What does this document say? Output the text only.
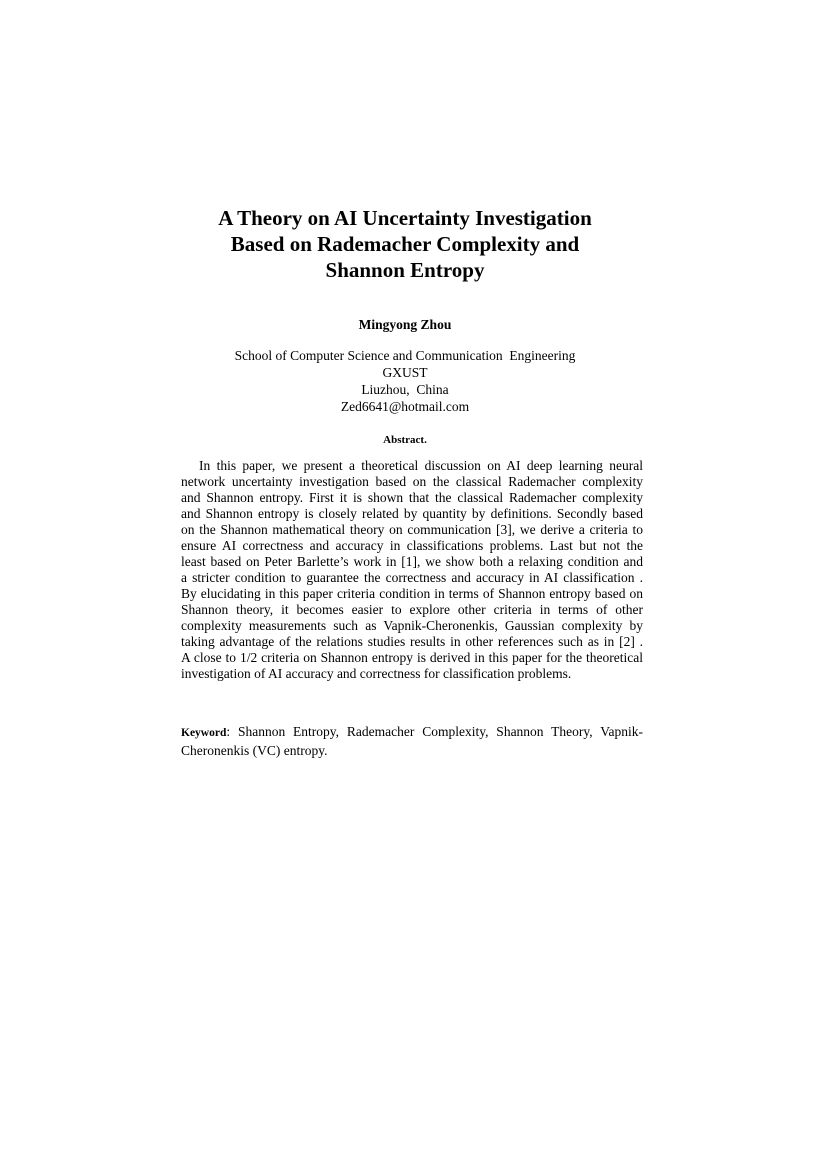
A Theory on AI Uncertainty Investigation
Based on Rademacher Complexity and
Shannon Entropy
Mingyong Zhou
School of Computer Science and Communication  Engineering
GXUST
Liuzhou,  China
Zed6641@hotmail.com
Abstract.
In this paper, we present a theoretical discussion on AI deep learning neural
network uncertainty investigation based on the classical Rademacher complexity
and Shannon entropy. First it is shown that the classical Rademacher complexity
and Shannon entropy is closely related by quantity by definitions. Secondly based
on the Shannon mathematical theory on communication [3], we derive a criteria to
ensure AI correctness and accuracy in classifications problems. Last but not the
least based on Peter Barlette’s work in [1], we show both a relaxing condition and
a stricter condition to guarantee the correctness and accuracy in AI classification .
By elucidating in this paper criteria condition in terms of Shannon entropy based on
Shannon theory, it becomes easier to explore other criteria in terms of other
complexity measurements such as Vapnik-Cheronenkis, Gaussian complexity by
taking advantage of the relations studies results in other references such as in [2] .
A close to 1/2 criteria on Shannon entropy is derived in this paper for the theoretical
investigation of AI accuracy and correctness for classification problems.
Keyword: Shannon Entropy, Rademacher Complexity, Shannon Theory, Vapnik-
Cheronenkis (VC) entropy.
